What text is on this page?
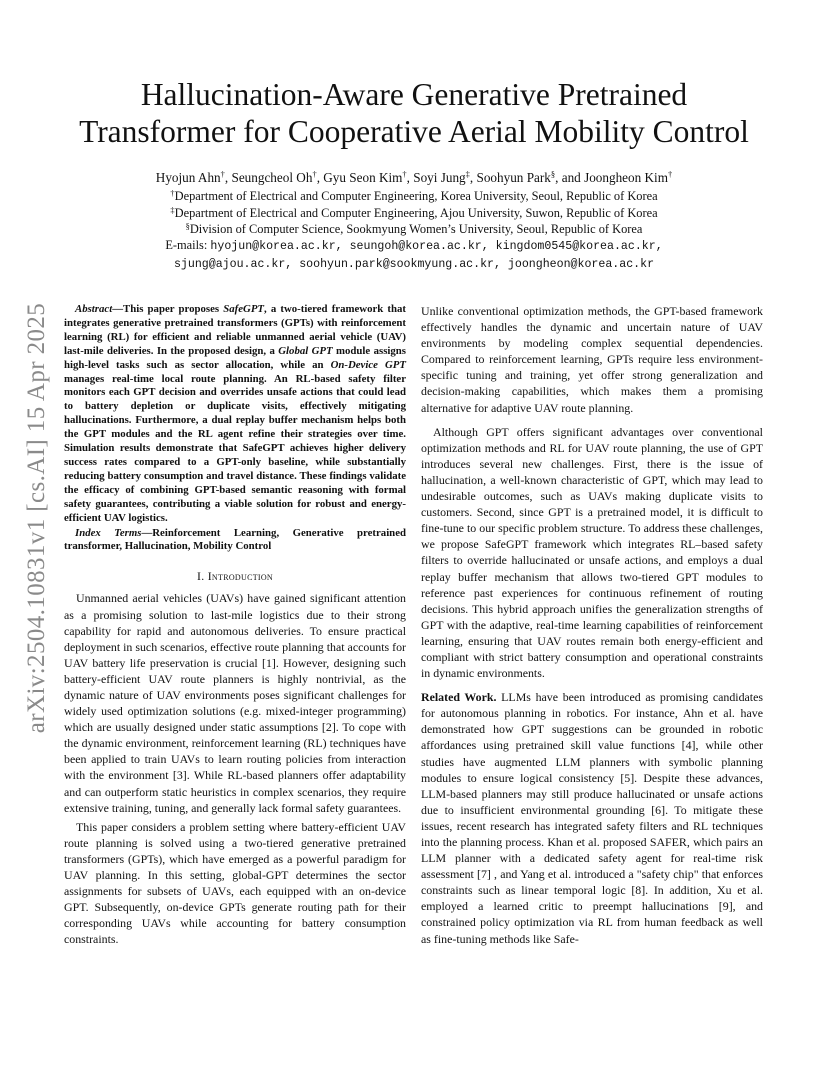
arXiv:2504.10831v1 [cs.AI] 15 Apr 2025
Hallucination-Aware Generative Pretrained
Transformer for Cooperative Aerial Mobility Control
Hyojun Ahn†, Seungcheol Oh†, Gyu Seon Kim†, Soyi Jung‡, Soohyun Park§, and Joongheon Kim†
†Department of Electrical and Computer Engineering, Korea University, Seoul, Republic of Korea
‡Department of Electrical and Computer Engineering, Ajou University, Suwon, Republic of Korea
§Division of Computer Science, Sookmyung Women’s University, Seoul, Republic of Korea
E-mails: hyojun@korea.ac.kr, seungoh@korea.ac.kr, kingdom0545@korea.ac.kr,
sjung@ajou.ac.kr, soohyun.park@sookmyung.ac.kr, joongheon@korea.ac.kr

Abstract—This paper proposes SafeGPT, a two-tiered framework that integrates generative pretrained transformers (GPTs) with reinforcement learning (RL) for efficient and reliable unmanned aerial vehicle (UAV) last-mile deliveries. In the proposed design, a Global GPT module assigns high-level tasks such as sector allocation, while an On-Device GPT manages real-time local route planning. An RL-based safety filter monitors each GPT decision and overrides unsafe actions that could lead to battery depletion or duplicate visits, effectively mitigating hallucinations. Furthermore, a dual replay buffer mechanism helps both the GPT modules and the RL agent refine their strategies over time. Simulation results demonstrate that SafeGPT achieves higher delivery success rates compared to a GPT-only baseline, while substantially reducing battery consumption and travel distance. These findings validate the efficacy of combining GPT-based semantic reasoning with formal safety guarantees, contributing a viable solution for robust and energy-efficient UAV logistics.

Index Terms—Reinforcement Learning, Generative pretrained transformer, Hallucination, Mobility Control

I. Introduction

Unmanned aerial vehicles (UAVs) have gained significant attention as a promising solution to last-mile logistics due to their strong capability for rapid and autonomous deliveries. To ensure practical deployment in such scenarios, effective route planning that accounts for UAV battery life preservation is crucial [1]. However, designing such battery-efficient UAV route planners is highly nontrivial, as the dynamic nature of UAV environments poses significant challenges for widely used optimization solutions (e.g. mixed-integer programming) which are usually designed under static assumptions [2]. To cope with the dynamic environment, reinforcement learning (RL) techniques have been applied to train UAVs to learn routing policies from interaction with the environment [3]. While RL-based planners offer adaptability and can outperform static heuristics in complex scenarios, they require extensive training, tuning, and generally lack formal safety guarantees.

This paper considers a problem setting where battery-efficient UAV route planning is solved using a two-tiered generative pretrained transformers (GPTs), which have emerged as a powerful paradigm for UAV planning. In this setting, global-GPT determines the sector assignments for subsets of UAVs, each equipped with an on-device GPT. Subsequently, on-device GPTs generate routing path for their corresponding UAVs while accounting for battery consumption constraints.

Unlike conventional optimization methods, the GPT-based framework effectively handles the dynamic and uncertain nature of UAV environments by modeling complex sequential dependencies. Compared to reinforcement learning, GPTs require less environment-specific tuning and training, yet offer strong generalization and decision-making capabilities, which makes them a promising alternative for adaptive UAV route planning.

Although GPT offers significant advantages over conventional optimization methods and RL for UAV route planning, the use of GPT introduces several new challenges. First, there is the issue of hallucination, a well-known characteristic of GPT, which may lead to undesirable outcomes, such as UAVs making duplicate visits to customers. Second, since GPT is a pretrained model, it is difficult to fine-tune to our specific problem structure. To address these challenges, we propose SafeGPT framework which integrates RL–based safety filters to override hallucinated or unsafe actions, and employs a dual replay buffer mechanism that allows two-tiered GPT modules to reference past experiences for continuous refinement of routing decisions. This hybrid approach unifies the generalization strengths of GPT with the adaptive, real-time learning capabilities of reinforcement learning, ensuring that UAV routes remain both energy-efficient and compliant with strict battery consumption and operational constraints in dynamic environments.

Related Work. LLMs have been introduced as promising candidates for autonomous planning in robotics. For instance, Ahn et al. have demonstrated how GPT suggestions can be grounded in robotic affordances using pretrained skill value functions [4], while other studies have augmented LLM planners with symbolic planning modules to ensure logical consistency [5]. Despite these advances, LLM-based planners may still produce hallucinated or unsafe actions due to insufficient environmental grounding [6]. To mitigate these issues, recent research has integrated safety filters and RL techniques into the planning process. Khan et al. proposed SAFER, which pairs an LLM planner with a dedicated safety agent for real-time risk assessment [7] , and Yang et al. introduced a "safety chip" that enforces constraints such as linear temporal logic [8]. In addition, Xu et al. employed a learned critic to preempt hallucinations [9], and constrained policy optimization via RL from human feedback as well as fine-tuning methods like Safe-
